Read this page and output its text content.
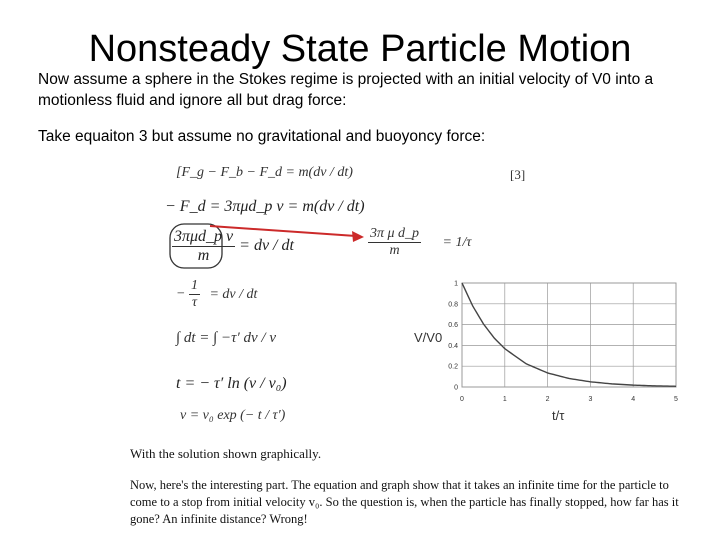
Nonsteady State Particle Motion
Now assume a sphere in the Stokes regime is projected with an initial velocity of V0 into a motionless fluid and ignore all but drag force:
Take equaiton 3 but assume no gravitational and buoyoncy force:
[F_g − F_b − F_d = m(dv / dt)	[3]
− F_d = 3πμd_p v = m(dv / dt)
$\frac{\text{3πμd\_p v}}{m}$ = dv / dt	$\frac{\text{3π μ d\_p}}{m} = 1/\tau$
− $\frac{1}{\tau}$ = dv / dt
∫ dt = ∫ −τ′ dv / v
t = − τ′ ln (v / v₀)
v = v₀ exp (− t / τ′)
V/V0
0	1	2	3	4	5
0
0.2
0.4
0.6
0.8
1
t/τ
With the solution shown graphically.
Now, here's the interesting part. The equation and graph show that it takes an infinite time for the particle to come to a stop from initial velocity v₀. So the question is, when the particle has finally stopped, how far has it gone? An infinite distance? Wrong!
